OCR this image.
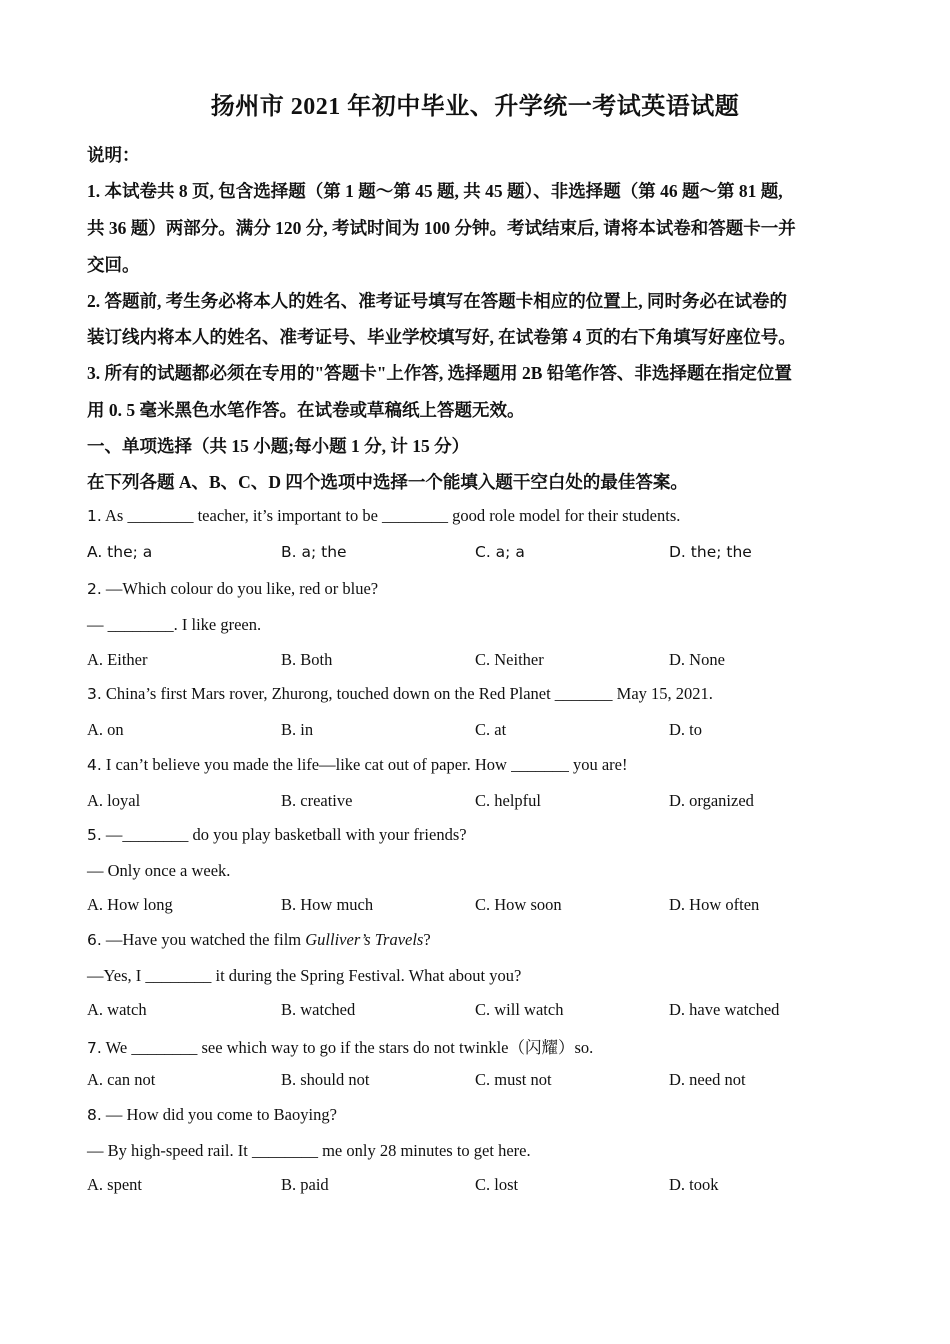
扬州市 2021 年初中毕业、升学统一考试英语试题
说明：
1. 本试卷共 8 页, 包含选择题（第 1 题～第 45 题, 共 45 题）、非选择题（第 46 题～第 81 题,
共 36 题）两部分。满分 120 分, 考试时间为 100 分钟。考试结束后, 请将本试卷和答题卡一并
交回。
2. 答题前, 考生务必将本人的姓名、准考证号填写在答题卡相应的位置上, 同时务必在试卷的
装订线内将本人的姓名、准考证号、毕业学校填写好, 在试卷第 4 页的右下角填写好座位号。
3. 所有的试题都必须在专用的"答题卡"上作答, 选择题用 2B 铅笔作答、非选择题在指定位置
用 0. 5 毫米黑色水笔作答。在试卷或草稿纸上答题无效。
一、单项选择（共 15 小题;每小题 1 分, 计 15 分）
在下列各题 A、B、C、D 四个选项中选择一个能填入题干空白处的最佳答案。
1. As ________ teacher, it’s important to be ________ good role model for their students.
A. the; a	B. a; the	C. a; a	D. the; the
2. —Which colour do you like, red or blue?
— ________. I like green.
A. Either	B. Both	C. Neither	D. None
3. China’s first Mars rover, Zhurong, touched down on the Red Planet _______ May 15, 2021.
A. on	B. in	C. at	D. to
4. I can’t believe you made the life—like cat out of paper. How _______ you are!
A. loyal	B. creative	C. helpful	D. organized
5. —________ do you play basketball with your friends?
— Only once a week.
A. How long	B. How much	C. How soon	D. How often
6. —Have you watched the film Gulliver’s Travels?
—Yes, I ________ it during the Spring Festival. What about you?
A. watch	B. watched	C. will watch	D. have watched
7. We ________ see which way to go if the stars do not twinkle（闪耀）so.
A. can not	B. should not	C. must not	D. need not
8. — How did you come to Baoying?
— By high-speed rail. It ________ me only 28 minutes to get here.
A. spent	B. paid	C. lost	D. took
